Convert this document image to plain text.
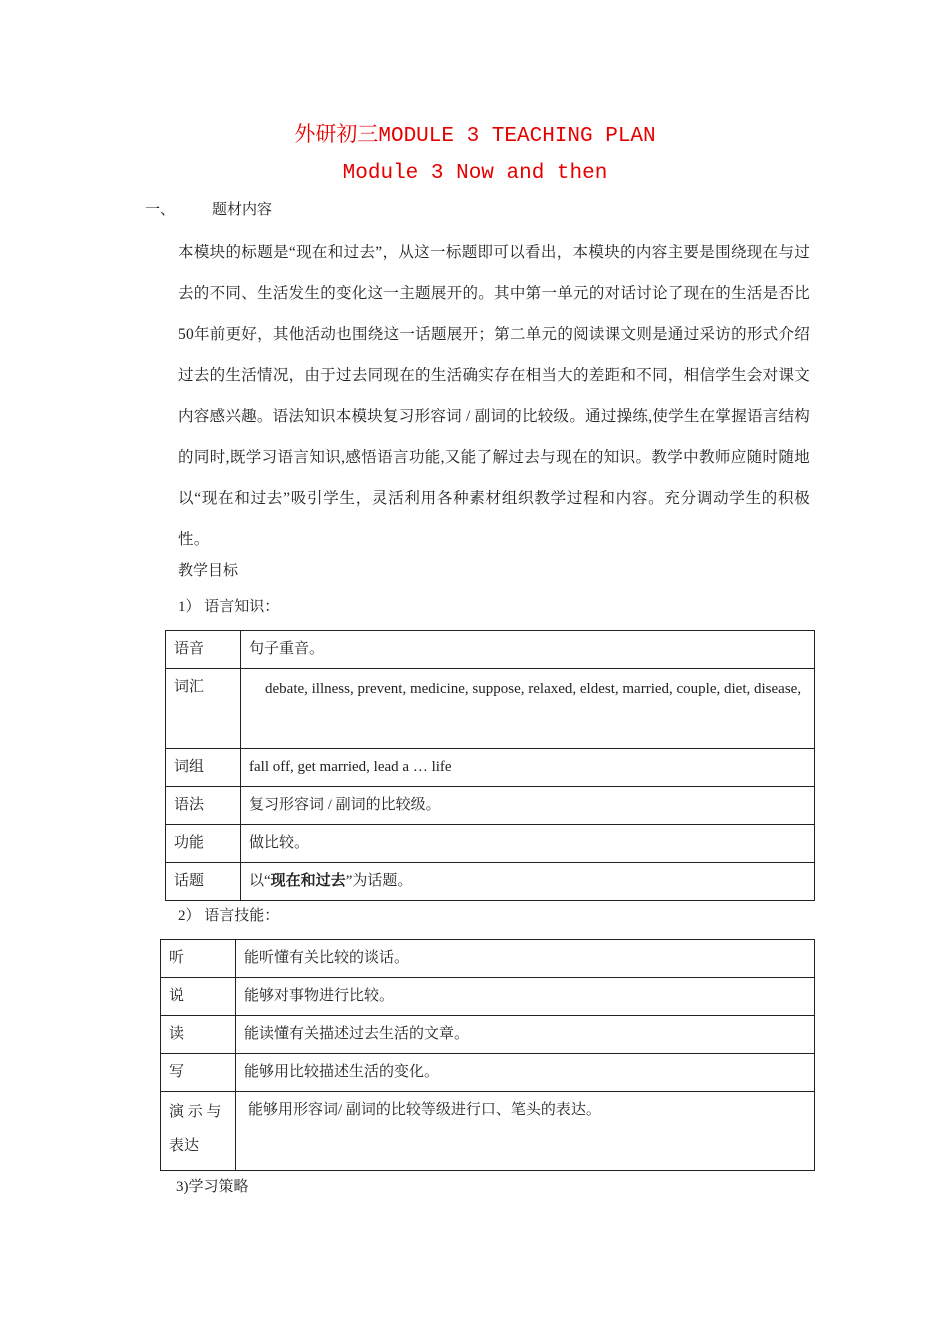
外研初三MODULE 3 TEACHING PLAN
Module 3 Now and then
一、 题材内容
本模块的标题是“现在和过去”，从这一标题即可以看出，本模块的内容主要是围绕现在与过去的不同、生活发生的变化这一主题展开的。其中第一单元的对话讨论了现在的生活是否比50年前更好，其他活动也围绕这一话题展开；第二单元的阅读课文则是通过采访的形式介绍过去的生活情况，由于过去同现在的生活确实存在相当大的差距和不同，相信学生会对课文内容感兴趣。语法知识本模块复习形容词 / 副词的比较级。通过操练,使学生在掌握语言结构的同时,既学习语言知识,感悟语言功能,又能了解过去与现在的知识。教学中教师应随时随地以“现在和过去”吸引学生，灵活利用各种素材组织教学过程和内容。充分调动学生的积极性。
教学目标
1） 语言知识：
语音	句子重音。
词汇	debate, illness, prevent, medicine, suppose, relaxed, eldest, married, couple, diet, disease,
词组	fall off, get married, lead a … life
语法	复习形容词 / 副词的比较级。
功能	做比较。
话题	以“现在和过去”为话题。
2） 语言技能：
听	能听懂有关比较的谈话。
说	能够对事物进行比较。
读	能读懂有关描述过去生活的文章。
写	能够用比较描述生活的变化。
演 示 与 表达	能够用形容词/ 副词的比较等级进行口、笔头的表达。
3)学习策略
